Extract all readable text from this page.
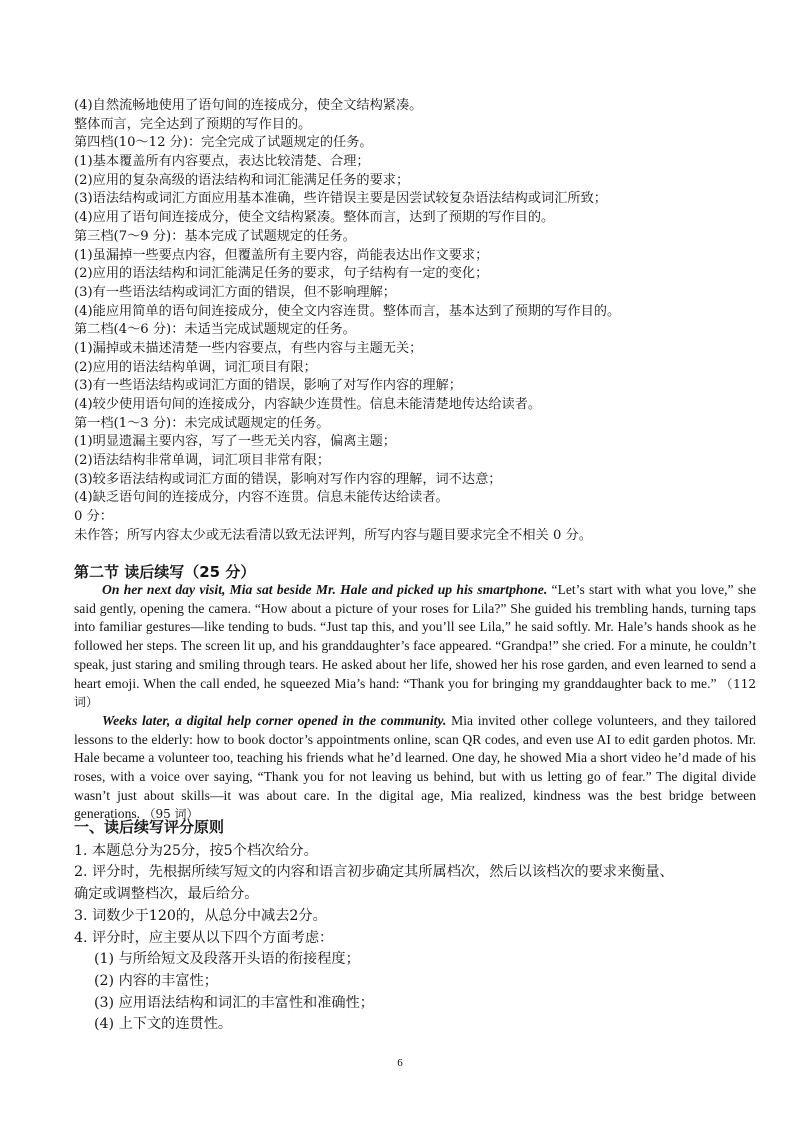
(4)自然流畅地使用了语句间的连接成分，使全文结构紧凑。
整体而言，完全达到了预期的写作目的。
第四档(10～12 分)：完全完成了试题规定的任务。
(1)基本覆盖所有内容要点，表达比较清楚、合理；
(2)应用的复杂高级的语法结构和词汇能满足任务的要求；
(3)语法结构或词汇方面应用基本准确，些许错误主要是因尝试较复杂语法结构或词汇所致；
(4)应用了语句间连接成分，使全文结构紧凑。整体而言，达到了预期的写作目的。
第三档(7～9 分)：基本完成了试题规定的任务。
(1)虽漏掉一些要点内容，但覆盖所有主要内容，尚能表达出作文要求；
(2)应用的语法结构和词汇能满足任务的要求，句子结构有一定的变化；
(3)有一些语法结构或词汇方面的错误，但不影响理解；
(4)能应用简单的语句间连接成分，使全文内容连贯。整体而言，基本达到了预期的写作目的。
第二档(4～6 分)：未适当完成试题规定的任务。
(1)漏掉或未描述清楚一些内容要点，有些内容与主题无关；
(2)应用的语法结构单调，词汇项目有限；
(3)有一些语法结构或词汇方面的错误，影响了对写作内容的理解；
(4)较少使用语句间的连接成分，内容缺少连贯性。信息未能清楚地传达给读者。
第一档(1～3 分)：未完成试题规定的任务。
(1)明显遗漏主要内容，写了一些无关内容，偏离主题；
(2)语法结构非常单调，词汇项目非常有限；
(3)较多语法结构或词汇方面的错误，影响对写作内容的理解，词不达意；
(4)缺乏语句间的连接成分，内容不连贯。信息未能传达给读者。
0 分：
未作答；所写内容太少或无法看清以致无法评判，所写内容与题目要求完全不相关 0 分。
第二节 读后续写（25 分）

On her next day visit, Mia sat beside Mr. Hale and picked up his smartphone. “Let’s start with what you love,” she said gently, opening the camera. “How about a picture of your roses for Lila?” She guided his trembling hands, turning taps into familiar gestures—like tending to buds. “Just tap this, and you’ll see Lila,” he said softly. Mr. Hale’s hands shook as he followed her steps. The screen lit up, and his granddaughter’s face appeared. “Grandpa!” she cried. For a minute, he couldn’t speak, just staring and smiling through tears. He asked about her life, showed her his rose garden, and even learned to send a heart emoji. When the call ended, he squeezed Mia’s hand: “Thank you for bringing my granddaughter back to me.” （112 词）

Weeks later, a digital help corner opened in the community. Mia invited other college volunteers, and they tailored lessons to the elderly: how to book doctor’s appointments online, scan QR codes, and even use AI to edit garden photos. Mr. Hale became a volunteer too, teaching his friends what he’d learned. One day, he showed Mia a short video he’d made of his roses, with a voice over saying, “Thank you for not leaving us behind, but with us letting go of fear.” The digital divide wasn’t just about skills—it was about care. In the digital age, Mia realized, kindness was the best bridge between generations. （95 词）

一、读后续写评分原则
1. 本题总分为25分，按5个档次给分。
2. 评分时，先根据所续写短文的内容和语言初步确定其所属档次，然后以该档次的要求来衡量、
确定或调整档次，最后给分。
3. 词数少于120的，从总分中减去2分。
4. 评分时，应主要从以下四个方面考虑：
(1) 与所给短文及段落开头语的衔接程度；
(2) 内容的丰富性；
(3) 应用语法结构和词汇的丰富性和准确性；
(4) 上下文的连贯性。
6
